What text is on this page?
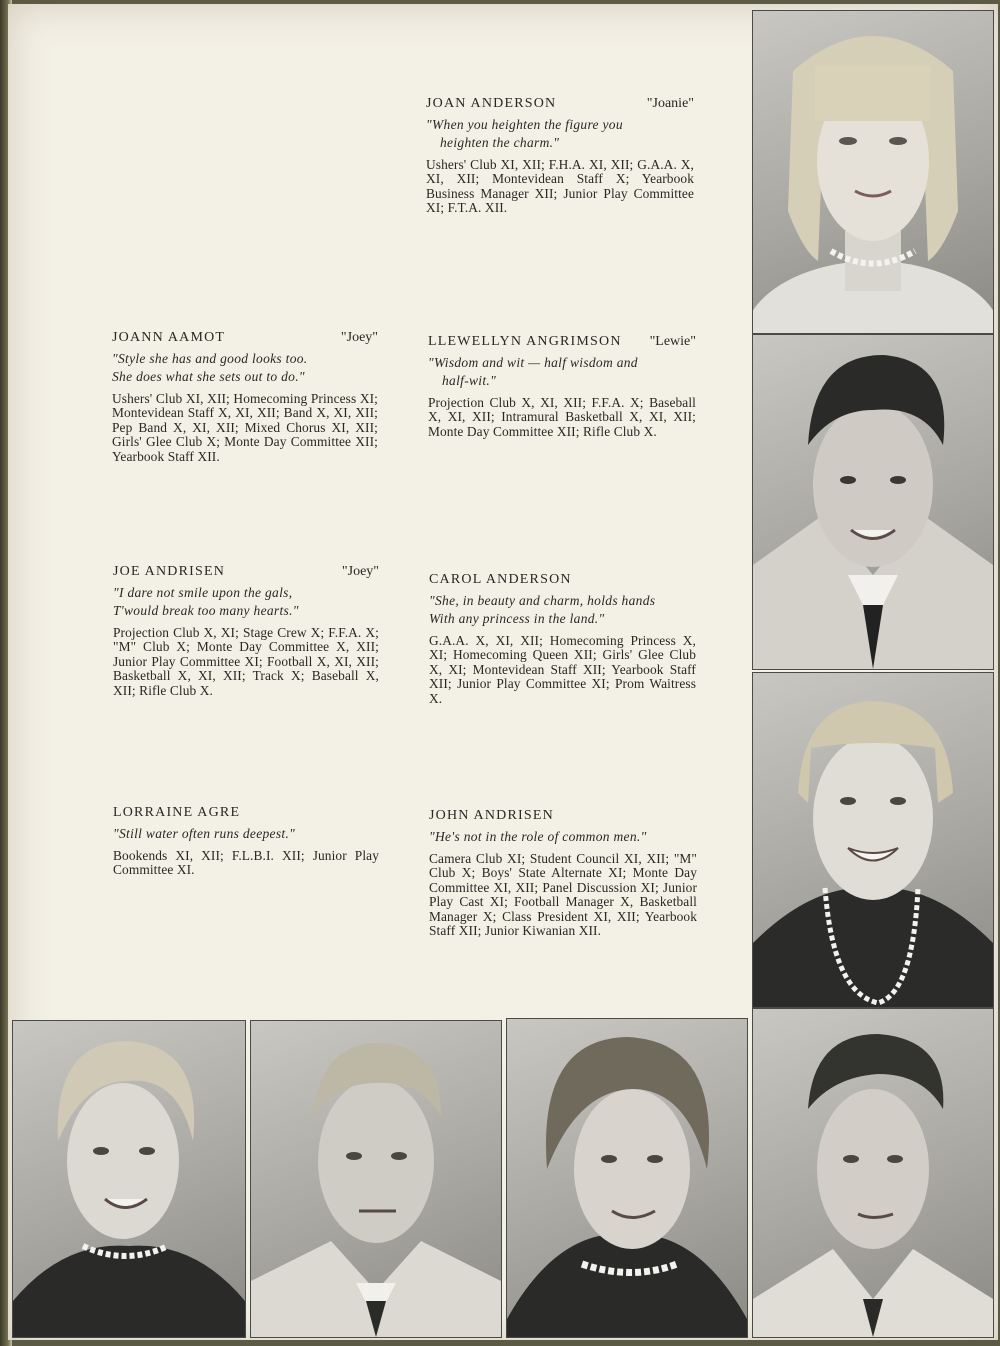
JOAN ANDERSON	"Joanie"
"When you heighten the figure you
heighten the charm."
Ushers' Club XI, XII; F.H.A. XI, XII; G.A.A. X, XI, XII; Montevidean Staff X; Yearbook Business Manager XII; Junior Play Committee XI; F.T.A. XII.
JOANN AAMOT	"Joey"
"Style she has and good looks too.
She does what she sets out to do."
Ushers' Club XI, XII; Homecoming Princess XI; Montevidean Staff X, XI, XII; Band X, XI, XII; Pep Band X, XI, XII; Mixed Chorus XI, XII; Girls' Glee Club X; Monte Day Committee XII; Yearbook Staff XII.
LLEWELLYN ANGRIMSON "Lewie"
"Wisdom and wit — half wisdom and
half-wit."
Projection Club X, XI, XII; F.F.A. X; Baseball X, XI, XII; Intramural Basketball X, XI, XII; Monte Day Committee XII; Rifle Club X.
JOE ANDRISEN	"Joey"
"I dare not smile upon the gals,
T'would break too many hearts."
Projection Club X, XI; Stage Crew X; F.F.A. X; "M" Club X; Monte Day Committee X, XII; Junior Play Committee XI; Football X, XI, XII; Basketball X, XI, XII; Track X; Baseball X, XII; Rifle Club X.
CAROL ANDERSON
"She, in beauty and charm, holds hands
With any princess in the land."
G.A.A. X, XI, XII; Homecoming Princess X, XI; Homecoming Queen XII; Girls' Glee Club X, XI; Montevidean Staff XII; Yearbook Staff XII; Junior Play Committee XI; Prom Waitress X.
LORRAINE AGRE
"Still water often runs deepest."
Bookends XI, XII; F.L.B.I. XII; Junior Play Committee XI.
JOHN ANDRISEN
"He's not in the role of common men."
Camera Club XI; Student Council XI, XII; "M" Club X; Boys' State Alternate XI; Monte Day Committee XI, XII; Panel Discussion XI; Junior Play Cast XI; Football Manager X, Basketball Manager X; Class President XI, XII; Yearbook Staff XII; Junior Kiwanian XII.
